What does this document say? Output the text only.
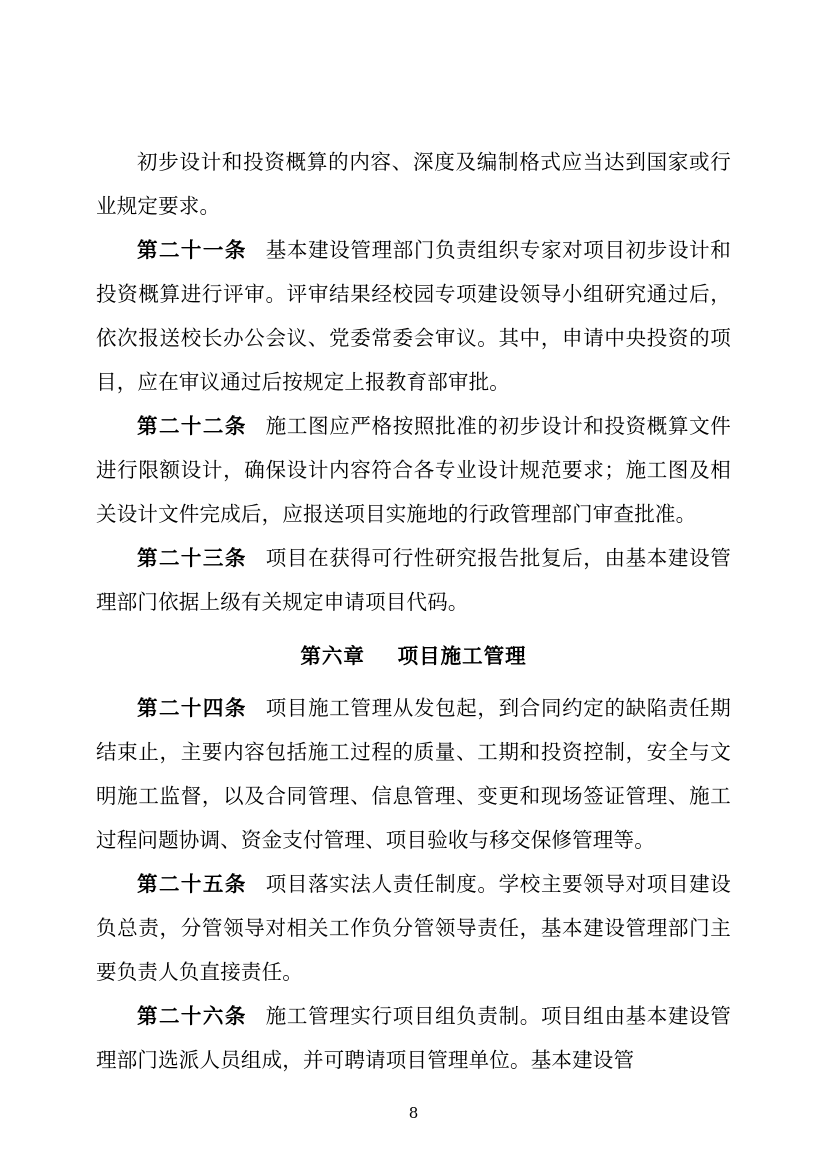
初步设计和投资概算的内容、深度及编制格式应当达到国家或行业规定要求。

第二十一条 基本建设管理部门负责组织专家对项目初步设计和投资概算进行评审。评审结果经校园专项建设领导小组研究通过后，依次报送校长办公会议、党委常委会审议。其中，申请中央投资的项目，应在审议通过后按规定上报教育部审批。

第二十二条 施工图应严格按照批准的初步设计和投资概算文件进行限额设计，确保设计内容符合各专业设计规范要求；施工图及相关设计文件完成后，应报送项目实施地的行政管理部门审查批准。

第二十三条 项目在获得可行性研究报告批复后，由基本建设管理部门依据上级有关规定申请项目代码。

第六章 项目施工管理

第二十四条 项目施工管理从发包起，到合同约定的缺陷责任期结束止，主要内容包括施工过程的质量、工期和投资控制，安全与文明施工监督，以及合同管理、信息管理、变更和现场签证管理、施工过程问题协调、资金支付管理、项目验收与移交保修管理等。

第二十五条 项目落实法人责任制度。学校主要领导对项目建设负总责，分管领导对相关工作负分管领导责任，基本建设管理部门主要负责人负直接责任。

第二十六条 施工管理实行项目组负责制。项目组由基本建设管理部门选派人员组成，并可聘请项目管理单位。基本建设管

8
